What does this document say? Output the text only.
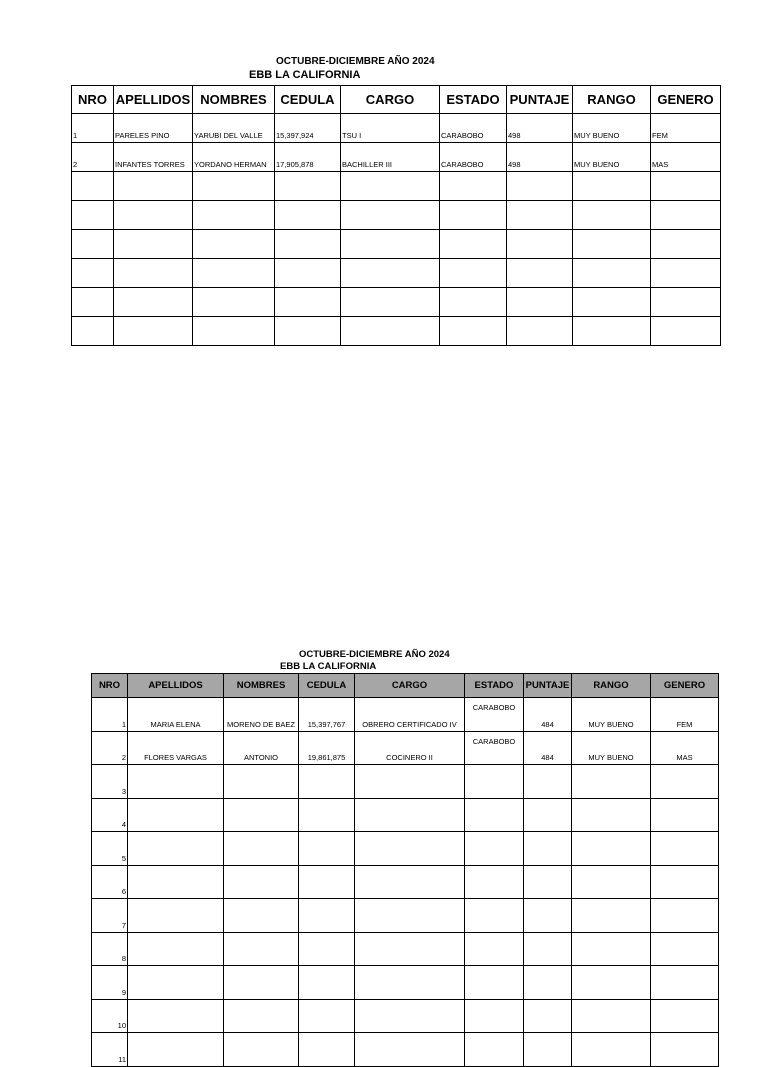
OCTUBRE-DICIEMBRE AÑO 2024
EBB LA CALIFORNIA
NRO	APELLIDOS	NOMBRES	CEDULA	CARGO	ESTADO	PUNTAJE	RANGO	GENERO
1	PARELES PINO	YARUBI DEL VALLE	15,397,924	TSU I	CARABOBO	498	MUY BUENO	FEM
2	INFANTES TORRES	YORDANO HERMAN	17,905,878	BACHILLER III	CARABOBO	498	MUY BUENO	MAS

OCTUBRE-DICIEMBRE AÑO 2024
EBB LA CALIFORNIA
NRO	APELLIDOS	NOMBRES	CEDULA	CARGO	ESTADO	PUNTAJE	RANGO	GENERO
1	MARIA ELENA	MORENO DE BAEZ	15,397,767	OBRERO CERTIFICADO IV	CARABOBO	484	MUY BUENO	FEM
2	FLORES VARGAS	ANTONIO	19,861,875	COCINERO II	CARABOBO	484	MUY BUENO	MAS
3								
4								
5								
6								
7								
8								
9								
10								
11								
